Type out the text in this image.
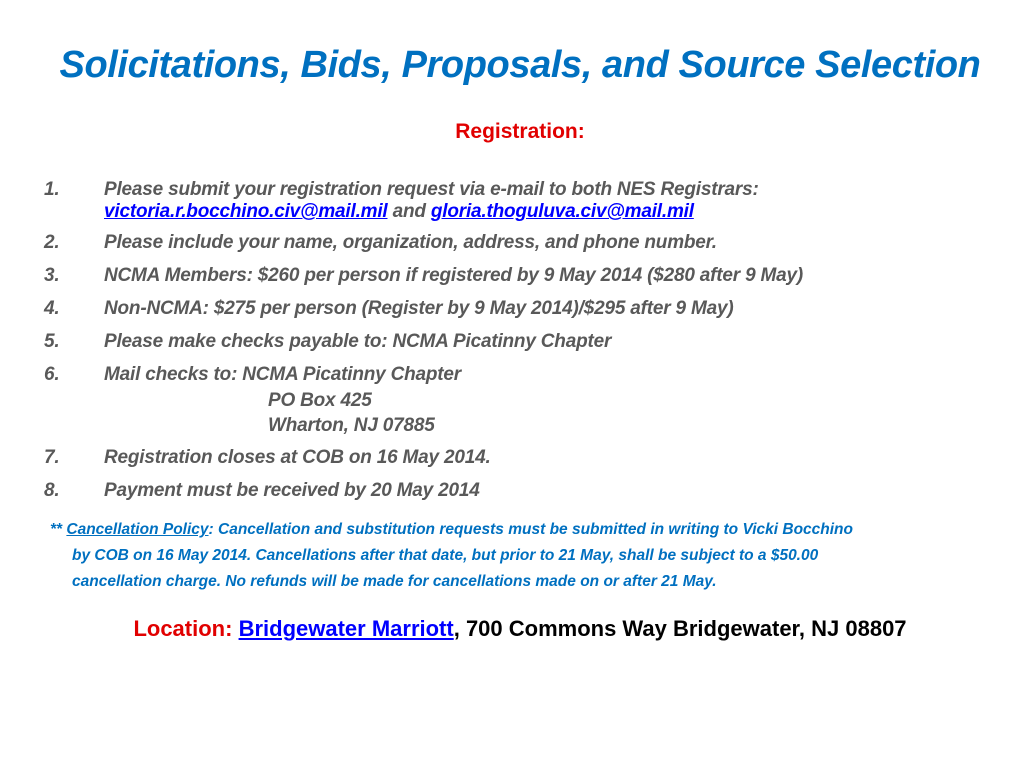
Solicitations, Bids, Proposals, and Source Selection
Registration:
1. Please submit your registration request via e-mail to both NES Registrars:
victoria.r.bocchino.civ@mail.mil and gloria.thoguluva.civ@mail.mil
2. Please include your name, organization, address, and phone number.
3. NCMA Members: $260 per person if registered by 9 May 2014 ($280 after 9 May)
4. Non-NCMA: $275 per person (Register by 9 May 2014)/$295 after 9 May)
5. Please make checks payable to: NCMA Picatinny Chapter
6. Mail checks to: NCMA Picatinny Chapter
PO Box 425
Wharton, NJ 07885
7. Registration closes at COB on 16 May 2014.
8. Payment must be received by 20 May 2014
** Cancellation Policy: Cancellation and substitution requests must be submitted in writing to Vicki Bocchino
by COB on 16 May 2014. Cancellations after that date, but prior to 21 May, shall be subject to a $50.00
cancellation charge. No refunds will be made for cancellations made on or after 21 May.
Location: Bridgewater Marriott, 700 Commons Way Bridgewater, NJ 08807
